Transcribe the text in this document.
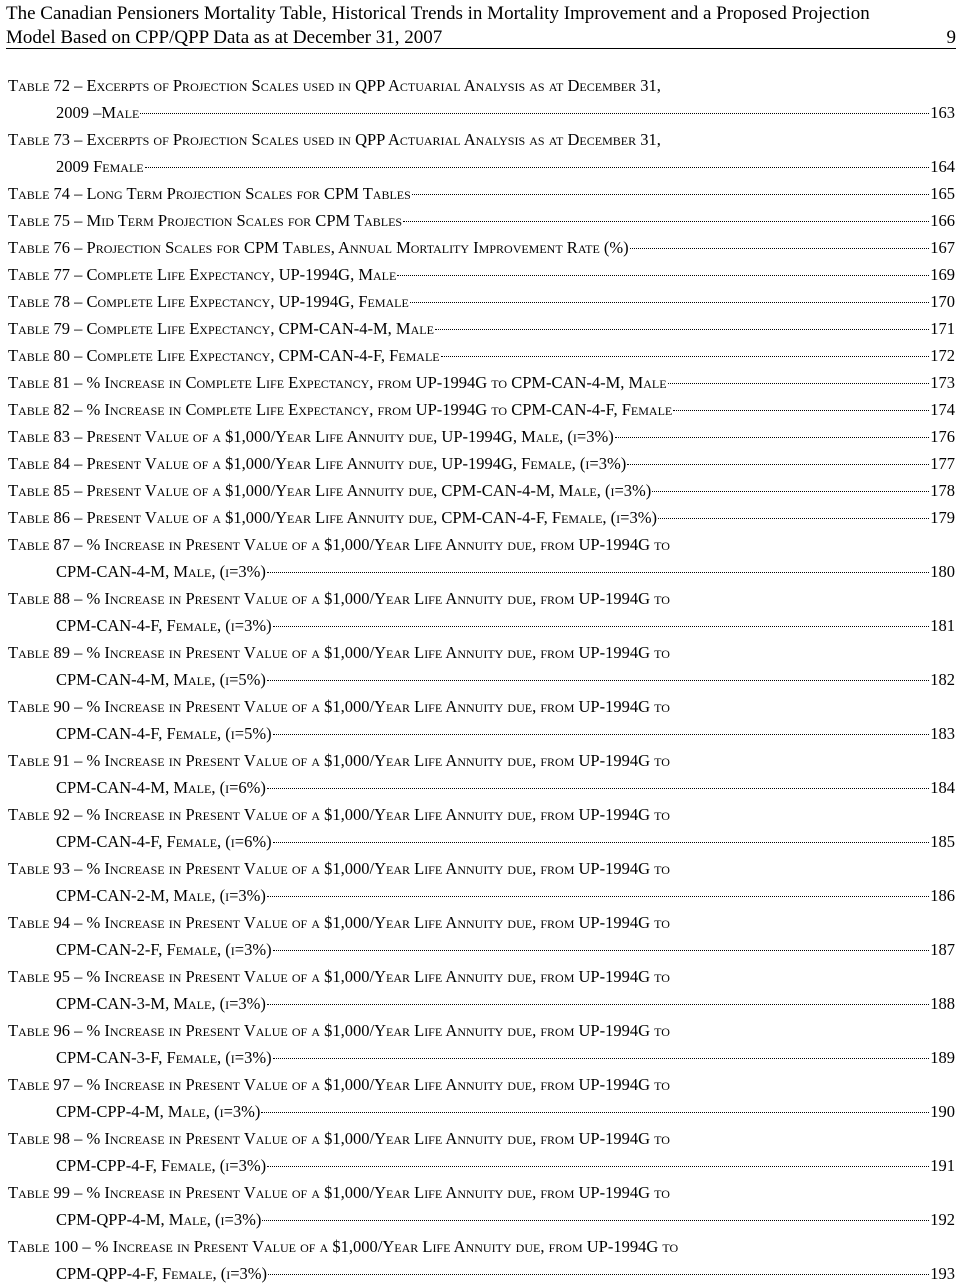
The Canadian Pensioners Mortality Table, Historical Trends in Mortality Improvement and a Proposed Projection
Model Based on CPP/QPP Data as at December 31, 2007	9
Table 72 – Excerpts of Projection Scales used in QPP Actuarial Analysis as at December 31,
2009 –Male	163
Table 73 – Excerpts of Projection Scales used in QPP Actuarial Analysis as at December 31,
2009 Female	164
Table 74 – Long Term Projection Scales for CPM Tables	165
Table 75 – Mid Term Projection Scales for CPM Tables	166
Table 76 – Projection Scales for CPM Tables, Annual Mortality Improvement Rate (%)	167
Table 77 – Complete Life Expectancy, UP-1994G, Male	169
Table 78 – Complete Life Expectancy, UP-1994G, Female	170
Table 79 – Complete Life Expectancy, CPM-CAN-4-M, Male	171
Table 80 – Complete Life Expectancy, CPM-CAN-4-F, Female	172
Table 81 – % Increase in Complete Life Expectancy, from UP-1994G to CPM-CAN-4-M, Male	173
Table 82 – % Increase in Complete Life Expectancy, from UP-1994G to CPM-CAN-4-F, Female	174
Table 83 – Present Value of a $1,000/Year Life Annuity due, UP-1994G, Male, (i=3%)	176
Table 84 – Present Value of a $1,000/Year Life Annuity due, UP-1994G, Female, (i=3%)	177
Table 85 – Present Value of a $1,000/Year Life Annuity due, CPM-CAN-4-M, Male, (i=3%)	178
Table 86 – Present Value of a $1,000/Year Life Annuity due, CPM-CAN-4-F, Female, (i=3%)	179
Table 87 – % Increase in Present Value of a $1,000/Year Life Annuity due, from UP-1994G to
CPM-CAN-4-M, Male, (i=3%)	180
Table 88 – % Increase in Present Value of a $1,000/Year Life Annuity due, from UP-1994G to
CPM-CAN-4-F, Female, (i=3%)	181
Table 89 – % Increase in Present Value of a $1,000/Year Life Annuity due, from UP-1994G to
CPM-CAN-4-M, Male, (i=5%)	182
Table 90 – % Increase in Present Value of a $1,000/Year Life Annuity due, from UP-1994G to
CPM-CAN-4-F, Female, (i=5%)	183
Table 91 – % Increase in Present Value of a $1,000/Year Life Annuity due, from UP-1994G to
CPM-CAN-4-M, Male, (i=6%)	184
Table 92 – % Increase in Present Value of a $1,000/Year Life Annuity due, from UP-1994G to
CPM-CAN-4-F, Female, (i=6%)	185
Table 93 – % Increase in Present Value of a $1,000/Year Life Annuity due, from UP-1994G to
CPM-CAN-2-M, Male, (i=3%)	186
Table 94 – % Increase in Present Value of a $1,000/Year Life Annuity due, from UP-1994G to
CPM-CAN-2-F, Female, (i=3%)	187
Table 95 – % Increase in Present Value of a $1,000/Year Life Annuity due, from UP-1994G to
CPM-CAN-3-M, Male, (i=3%)	188
Table 96 – % Increase in Present Value of a $1,000/Year Life Annuity due, from UP-1994G to
CPM-CAN-3-F, Female, (i=3%)	189
Table 97 – % Increase in Present Value of a $1,000/Year Life Annuity due, from UP-1994G to
CPM-CPP-4-M, Male, (i=3%)	190
Table 98 – % Increase in Present Value of a $1,000/Year Life Annuity due, from UP-1994G to
CPM-CPP-4-F, Female, (i=3%)	191
Table 99 – % Increase in Present Value of a $1,000/Year Life Annuity due, from UP-1994G to
CPM-QPP-4-M, Male, (i=3%)	192
Table 100 – % Increase in Present Value of a $1,000/Year Life Annuity due, from UP-1994G to
CPM-QPP-4-F, Female, (i=3%)	193
